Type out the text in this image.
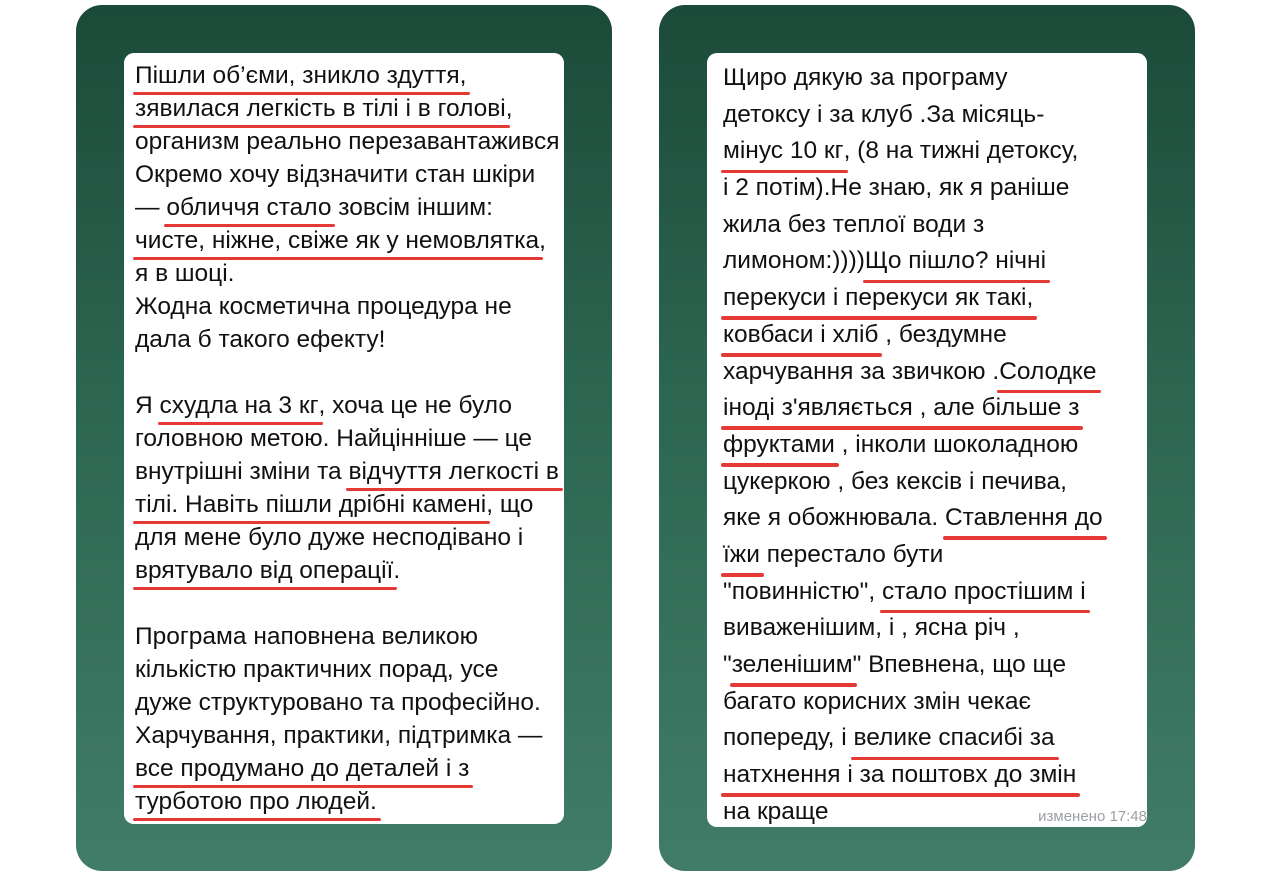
Пішли об’єми, зникло здуття,
зявилася легкість в тілі і в голові,
организм реально перезавантажився
Окремо хочу відзначити стан шкіри
— обличчя стало зовсім іншим:
чисте, ніжне, свіже як у немовлятка,
я в шоці.
Жодна косметична процедура не
дала б такого ефекту!
Я схудла на 3 кг, хоча це не було
головною метою. Найцінніше — це
внутрішні зміни та відчуття легкості в
тілі. Навіть пішли дрібні камені, що
для мене було дуже несподівано і
врятувало від операції.
Програма наповнена великою
кількістю практичних порад, усе
дуже структуровано та професійно.
Харчування, практики, підтримка —
все продумано до деталей і з
турботою про людей.
Щиро дякую за програму
детоксу і за клуб .За місяць-
мінус 10 кг, (8 на тижні детоксу,
і 2 потім).Не знаю, як я раніше
жила без теплої води з
лимоном:))))Що пішло? нічні
перекуси і перекуси як такі,
ковбаси і хліб , бездумне
харчування за звичкою .Солодке
іноді з'являється , але більше з
фруктами , інколи шоколадною
цукеркою , без кексів і печива,
яке я обожнювала. Ставлення до
їжи перестало бути
"повинністю", стало простішим і
виваженішим, і , ясна річ ,
"зеленішим" Впевнена, що ще
багато корисних змін чекає
попереду, і велике спасибі за
натхнення і за поштовх до змін
на краще	изменено 17:48
